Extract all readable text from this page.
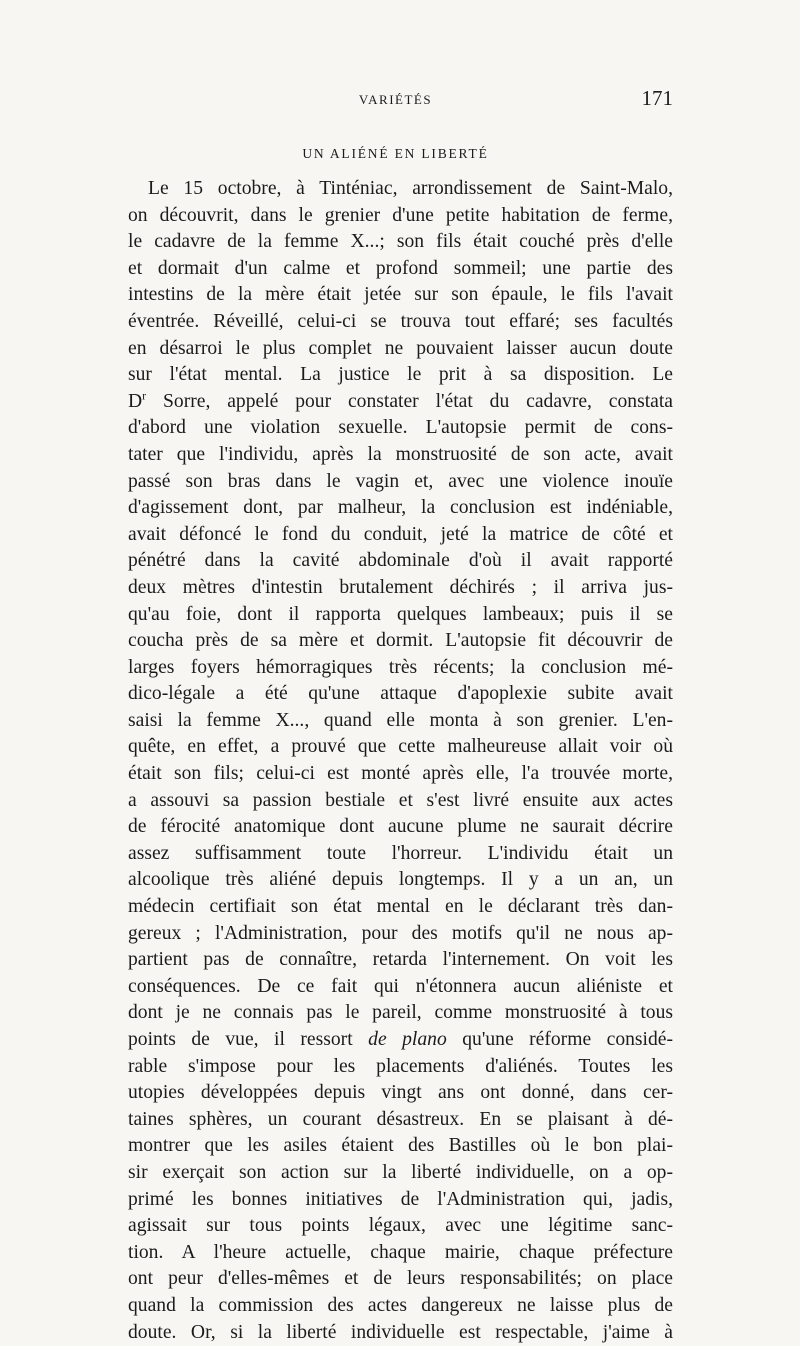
VARIÉTÉS	171
UN ALIÉNÉ EN LIBERTÉ
Le 15 octobre, à Tinténiac, arrondissement de Saint-Malo,
on découvrit, dans le grenier d'une petite habitation de ferme,
le cadavre de la femme X...; son fils était couché près d'elle
et dormait d'un calme et profond sommeil; une partie des
intestins de la mère était jetée sur son épaule, le fils l'avait
éventrée. Réveillé, celui-ci se trouva tout effaré; ses facultés
en désarroi le plus complet ne pouvaient laisser aucun doute
sur l'état mental. La justice le prit à sa disposition. Le
$D^r$ Sorre, appelé pour constater l'état du cadavre, constata
d'abord une violation sexuelle. L'autopsie permit de cons-
tater que l'individu, après la monstruosité de son acte, avait
passé son bras dans le vagin et, avec une violence inouïe
d'agissement dont, par malheur, la conclusion est indéniable,
avait défoncé le fond du conduit, jeté la matrice de côté et
pénétré dans la cavité abdominale d'où il avait rapporté
deux mètres d'intestin brutalement déchirés ; il arriva jus-
qu'au foie, dont il rapporta quelques lambeaux; puis il se
coucha près de sa mère et dormit. L'autopsie fit découvrir de
larges foyers hémorragiques très récents; la conclusion mé-
dico-légale a été qu'une attaque d'apoplexie subite avait
saisi la femme X..., quand elle monta à son grenier. L'en-
quête, en effet, a prouvé que cette malheureuse allait voir où
était son fils; celui-ci est monté après elle, l'a trouvée morte,
a assouvi sa passion bestiale et s'est livré ensuite aux actes
de férocité anatomique dont aucune plume ne saurait décrire
assez suffisamment toute l'horreur. L'individu était un
alcoolique très aliéné depuis longtemps. Il y a un an, un
médecin certifiait son état mental en le déclarant très dan-
gereux ; l'Administration, pour des motifs qu'il ne nous ap-
partient pas de connaître, retarda l'internement. On voit les
conséquences. De ce fait qui n'étonnera aucun aliéniste et
dont je ne connais pas le pareil, comme monstruosité à tous
points de vue, il ressort de plano qu'une réforme considé-
rable s'impose pour les placements d'aliénés. Toutes les
utopies développées depuis vingt ans ont donné, dans cer-
taines sphères, un courant désastreux. En se plaisant à dé-
montrer que les asiles étaient des Bastilles où le bon plai-
sir exerçait son action sur la liberté individuelle, on a op-
primé les bonnes initiatives de l'Administration qui, jadis,
agissait sur tous points légaux, avec une légitime sanc-
tion. A l'heure actuelle, chaque mairie, chaque préfecture
ont peur d'elles-mêmes et de leurs responsabilités; on place
quand la commission des actes dangereux ne laisse plus de
doute. Or, si la liberté individuelle est respectable, j'aime à
